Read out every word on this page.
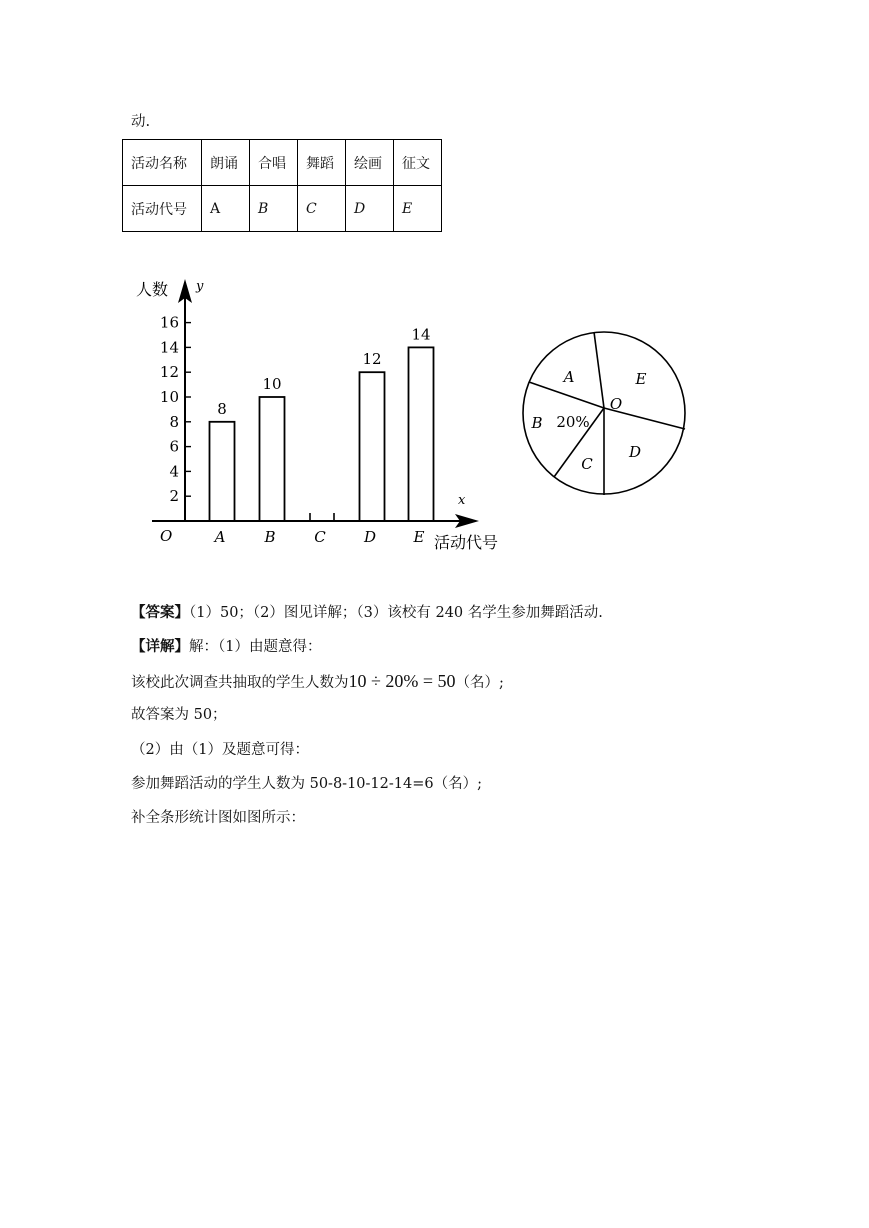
动.
活动名称	朗诵	合唱	舞蹈	绘画	征文
活动代号	A	B	C	D	E
人数 y
x
活动代号
O
2
4
6
8
10
12
14
16
8
A
10
B	C
12
D
14
E
A	E
D
C
B
O
20%
【答案】（1）50；（2）图见详解；（3）该校有 240 名学生参加舞蹈活动.
【详解】解：（1）由题意得：
该校此次调查共抽取的学生人数为10 ÷ 20% = 50（名）;
故答案为 50；
（2）由（1）及题意可得：
参加舞蹈活动的学生人数为 50-8-10-12-14=6（名）;
补全条形统计图如图所示：
